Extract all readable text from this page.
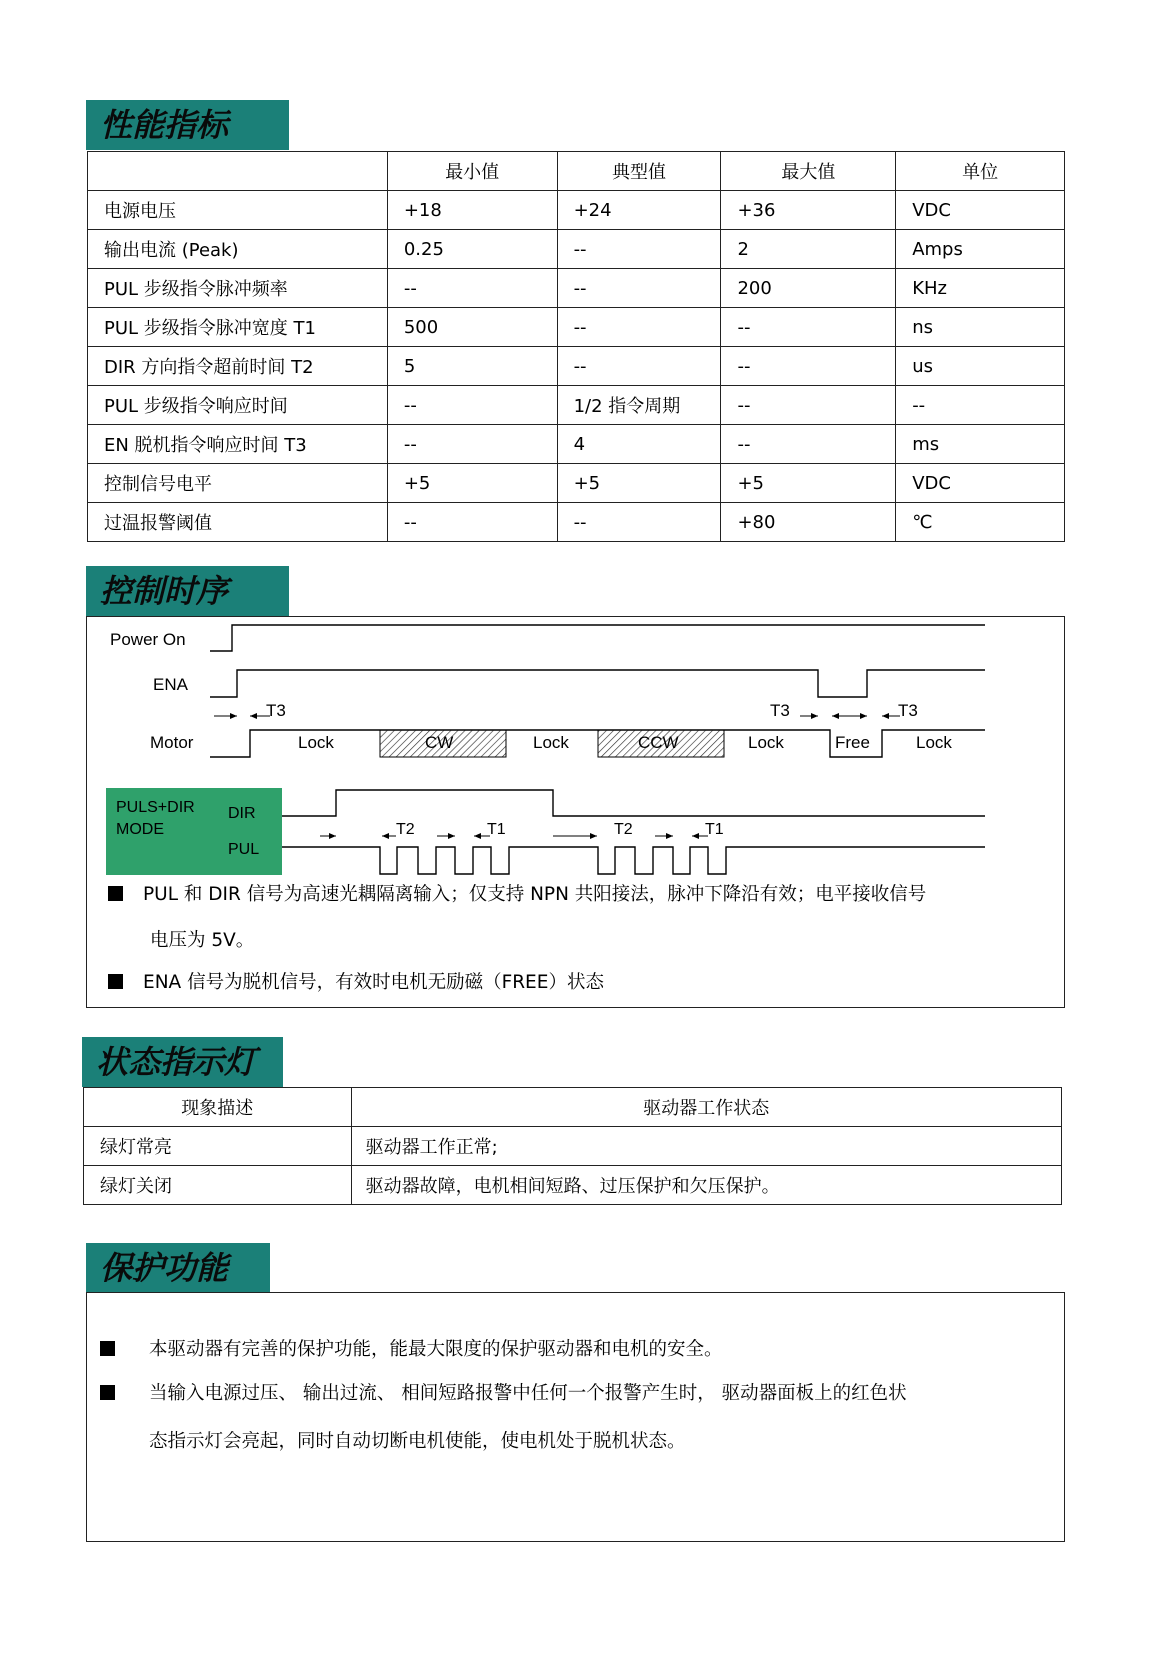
性能指标
	最小值	典型值	最大值	单位
电源电压	+18	+24	+36	VDC
输出电流 (Peak)	0.25	--	2	Amps
PUL 步级指令脉冲频率	--	--	200	KHz
PUL 步级指令脉冲宽度 T1	500	--	--	ns
DIR 方向指令超前时间 T2	5	--	--	us
PUL 步级指令响应时间	--	1/2 指令周期	--	--
EN 脱机指令响应时间 T3	--	4	--	ms
控制信号电平	+5	+5	+5	VDC
过温报警阈值	--	--	+80	℃
控制时序
Power On
ENA
T3	T3	T3
Motor	Lock	CW	Lock	CCW	Lock	Free	Lock
PULS+DIR
MODE
DIR
PUL
T2	T1	T2	T1
PUL 和 DIR 信号为高速光耦隔离输入；仅支持 NPN 共阳接法，脉冲下降沿有效；电平接收信号
电压为 5V。
ENA 信号为脱机信号，有效时电机无励磁（FREE）状态
状态指示灯
现象描述	驱动器工作状态
绿灯常亮	驱动器工作正常;
绿灯关闭	驱动器故障，电机相间短路、过压保护和欠压保护。
保护功能
本驱动器有完善的保护功能，能最大限度的保护驱动器和电机的安全。
当输入电源过压、 输出过流、 相间短路报警中任何一个报警产生时， 驱动器面板上的红色状
态指示灯会亮起，同时自动切断电机使能，使电机处于脱机状态。
